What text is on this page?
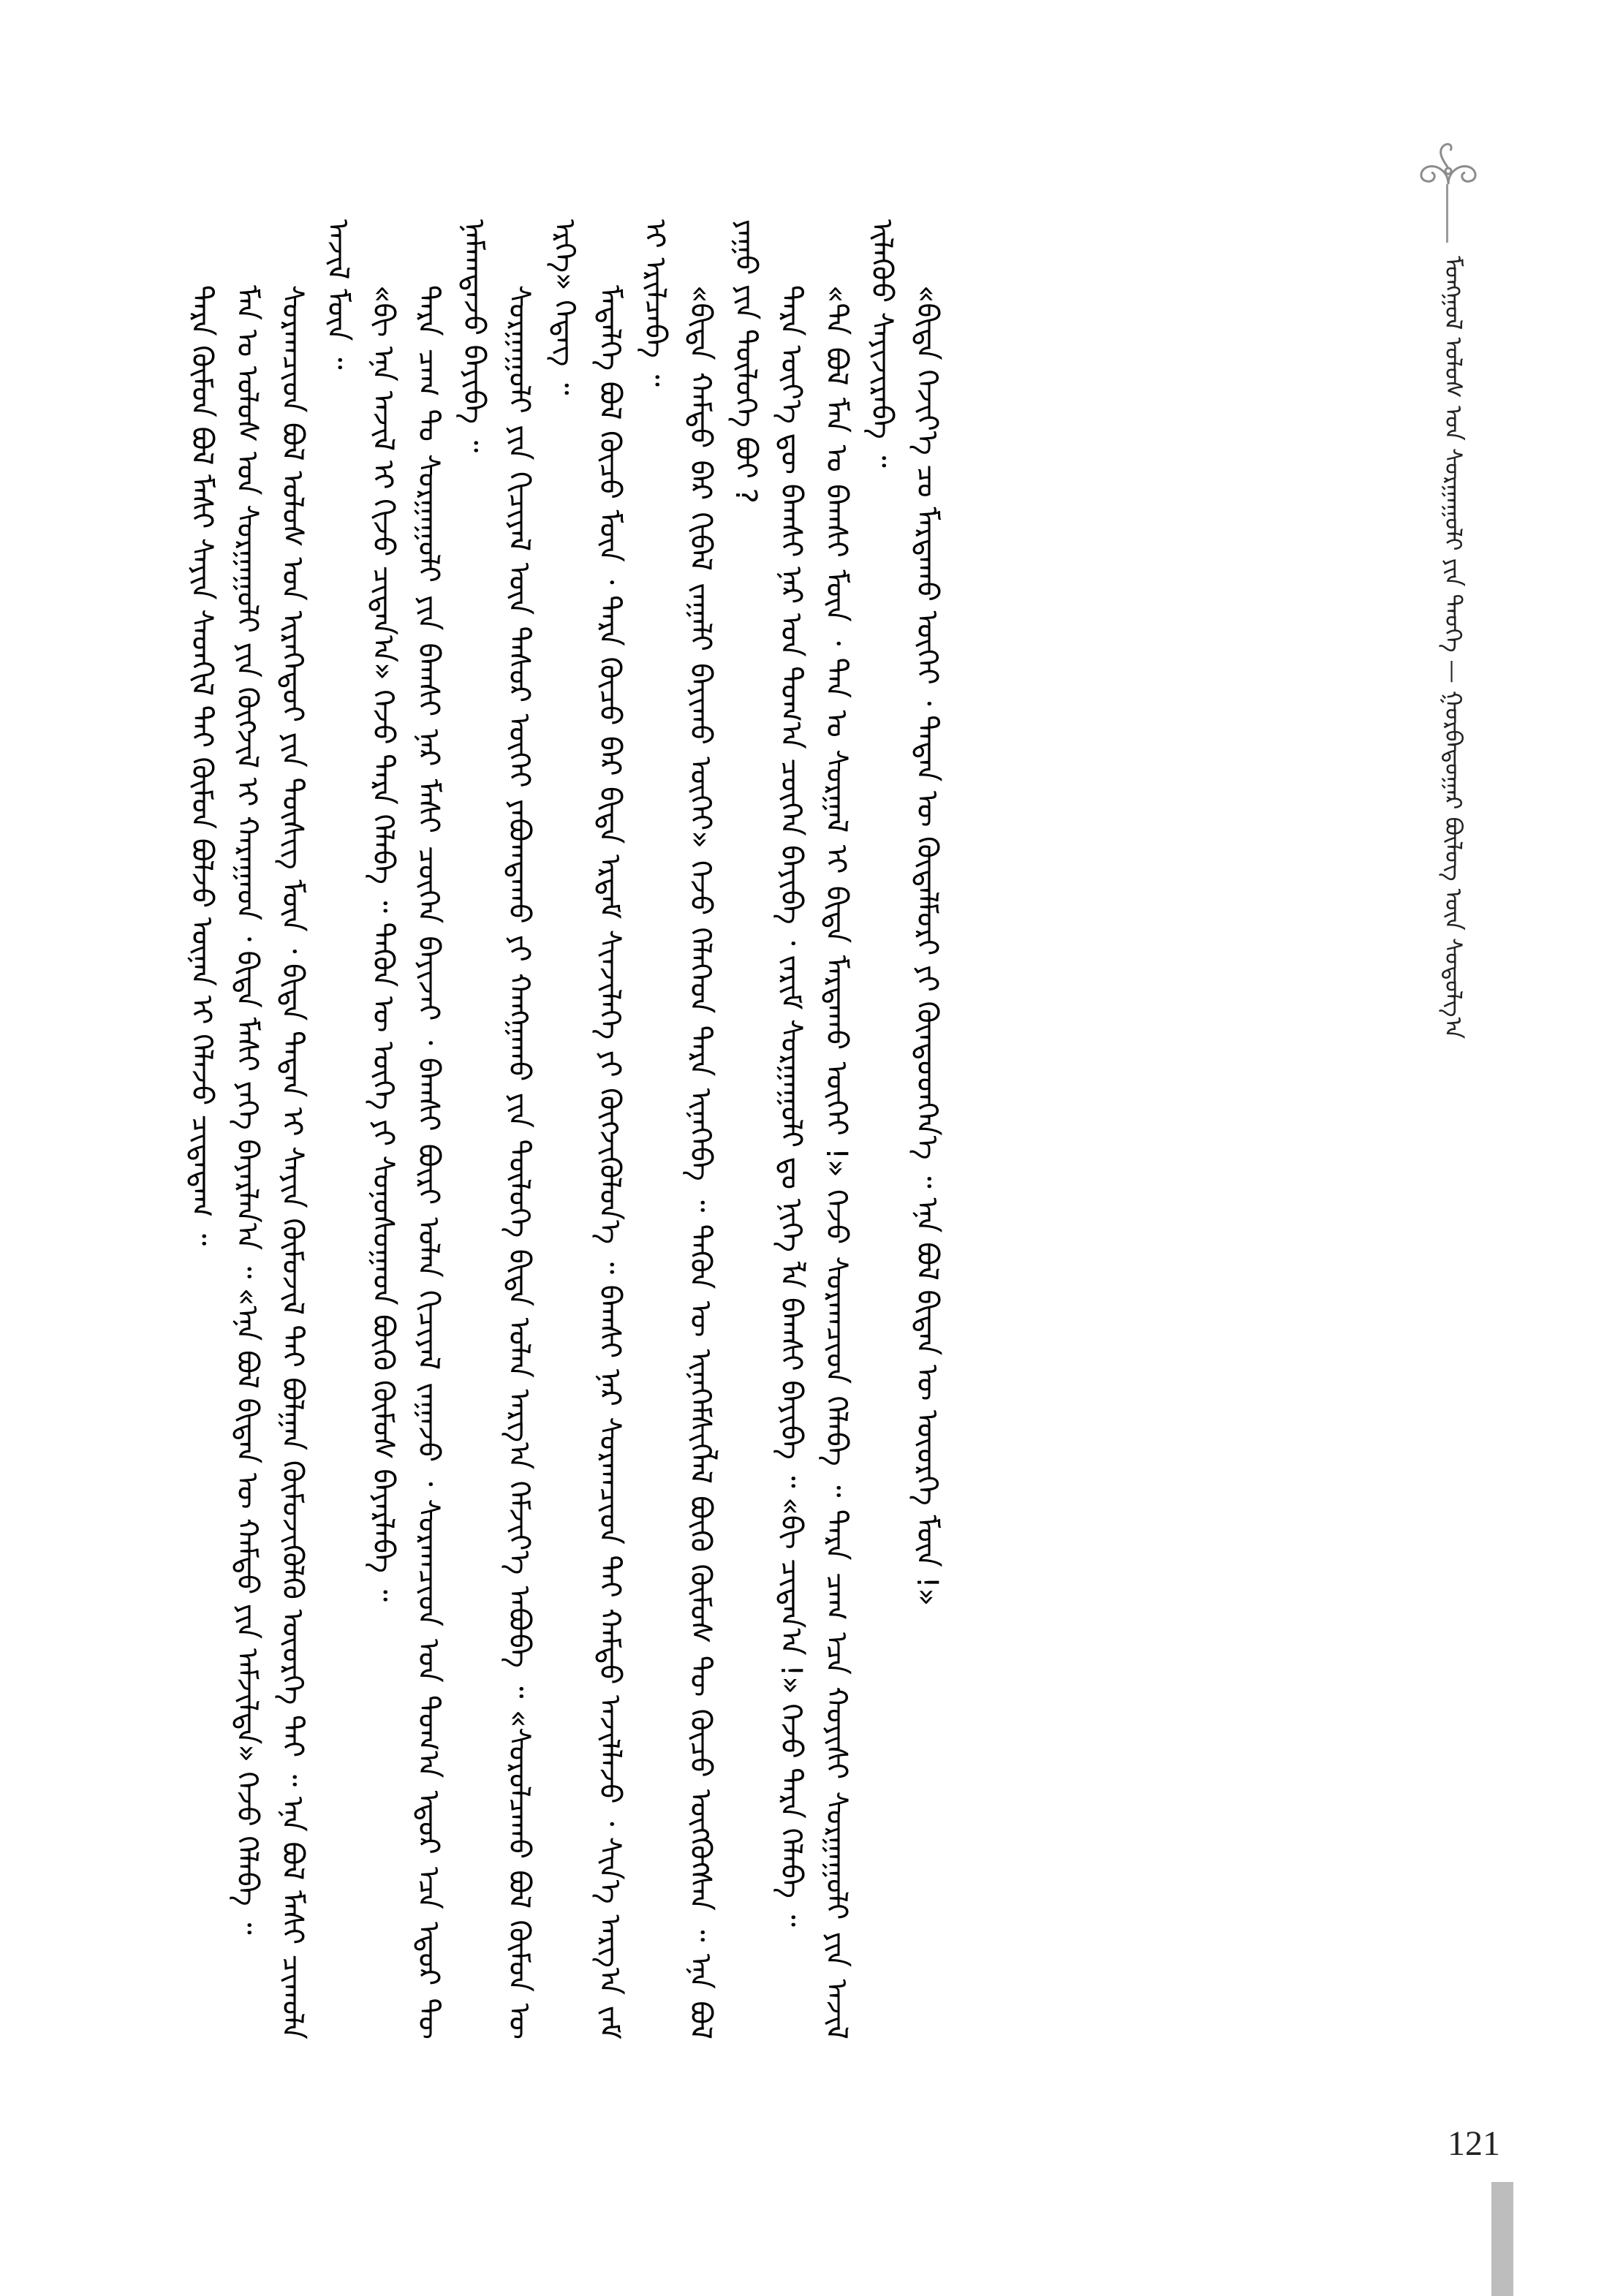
ᠮᠣᠩᠭᠣᠯ ᠤᠯᠤᠰ ᠤᠨ ᠰᠤᠷᠭᠠᠭᠤᠯᠢ ᠶᠢᠨ ᠲᠡᠦᠬᠡ — ᠭᠤᠷᠪᠠᠳᠤᠭᠠᠷ ᠪᠦᠯᠦᠭ ᠦᠨ ᠰᠤᠳᠤᠯᠭ᠎ᠠ

ᠲᠡᠷᠡ ᠬᠦᠮᠦᠨ ᠪᠣᠯ ᠮᠠᠰᠢ ᠰᠠᠶᠢᠨ ᠰᠡᠳᠬᠢᠯ ᠲᠡᠢ ᠬᠦᠮᠦᠨ ᠪᠣᠯᠵᠤ ᠦᠨᠡᠨ ᠢ ᠬᠡᠯᠡᠵᠦ ᠴᠢᠳᠠᠳᠠᠭ ᠃ ᠮᠠᠨ ᠤ ᠤᠯᠤᠰ ᠤᠨ ᠰᠤᠷᠭᠠᠭᠤᠯᠢ ᠶᠢᠨ ᠬᠥᠭᠵᠢᠯ ᠢ ᠬᠠᠷᠠᠭᠠᠳ ᠂ ᠪᠢᠳᠡ ᠮᠠᠰᠢ ᠶᠡᠬᠡ ᠪᠠᠶᠠᠷᠯᠠᠨ᠎ᠠ ᠃ «ᠡᠨᠡ ᠪᠣᠯ ᠪᠢᠳᠡᠨ ᠦ ᠬᠠᠮᠲᠤ ᠶᠢᠨ ᠠᠮᠵᠢᠯᠲᠠ» ᠭᠡᠵᠦ ᠬᠡᠯᠡᠪᠡ ᠃ ᠰᠤᠷᠠᠭᠴᠢᠳ ᠪᠣᠯ ᠤᠯᠤᠰ ᠤᠨ ᠢᠷᠡᠭᠡᠳᠦᠢ ᠶᠢᠨ ᠲᠦᠰᠢᠭ ᠮᠥᠨ ᠂ ᠪᠢᠳᠡ ᠲᠡᠳᠡᠨ ᠢ ᠰᠠᠶᠢᠨ ᠬᠦᠮᠦᠵᠢᠯ ᠲᠡᠢ ᠪᠣᠯᠭᠠᠨ ᠬᠥᠮᠦᠵᠢᠭᠦᠯᠬᠦ ᠦᠦᠷᠭᠡ ᠲᠡᠢ ᠃ ᠡᠨᠡ ᠪᠣᠯ ᠮᠠᠰᠢ ᠴᠢᠬᠤᠯᠠ ᠠᠵᠢᠯ ᠮᠥᠨ ᠃ «ᠪᠢ ᠡᠨᠡ ᠠᠵᠢᠯ ᠢ ᠬᠢᠵᠦ ᠴᠢᠳᠠᠨ᠎ᠠ» ᠭᠡᠵᠦ ᠲᠡᠷᠡ ᠬᠡᠯᠡᠪᠡ ᠃ ᠲᠡᠭᠦᠨ ᠦ ᠦᠭᠡ ᠶᠢ ᠰᠣᠨᠣᠰᠣᠭᠠᠳ ᠪᠦᠬᠦ ᠬᠦᠮᠦᠰ ᠪᠠᠶᠠᠷᠯᠠᠪᠠ ᠃ ᠲᠡᠷᠡ ᠴᠠᠭ ᠲᠤ ᠰᠤᠷᠭᠠᠭᠤᠯᠢ ᠶᠢᠨ ᠪᠠᠭᠰᠢ ᠨᠠᠷ ᠮᠠᠰᠢ ᠴᠥᠭᠡᠨ ᠪᠠᠶᠢᠵᠠᠢ ᠂ ᠪᠠᠭᠰᠢ ᠪᠦᠷᠢ ᠣᠯᠠᠨ ᠬᠢᠴᠢᠶᠡᠯ ᠵᠠᠭᠠᠵᠤ ᠂ ᠰᠤᠷᠠᠭᠴᠢᠳ ᠤᠨ ᠲᠣᠭ᠎ᠠ ᠡᠳᠦᠷ ᠡᠴᠡ ᠡᠳᠦᠷ ᠲᠦ ᠨᠡᠮᠡᠭ᠍ᠳᠡᠵᠦ ᠪᠠᠶᠢᠪᠠ ᠃ ᠰᠤᠷᠭᠠᠭᠤᠯᠢ ᠶᠢᠨ ᠬᠢᠴᠢᠶᠡᠯ ᠦᠨ ᠲᠠᠰᠤᠷ ᠦᠭᠡᠢ ᠶᠠᠪᠤᠭᠳᠠᠬᠤ ᠶᠢ ᠬᠠᠩᠭᠠᠬᠤ ᠶᠢᠨ ᠲᠥᠯᠥᠭᠡ ᠪᠢᠳᠡ ᠣᠯᠠᠨ ᠠᠷᠭ᠎ᠠ ᠬᠡᠮᠵᠢᠶ᠎ᠡ ᠠᠪᠤᠪᠠ ᠃ «ᠰᠤᠷᠤᠯᠴᠠᠬᠤ ᠪᠣᠯ ᠬᠦᠮᠦᠨ ᠦ ᠡᠷᠬᠡ» ᠭᠡᠳᠡᠭ ᠃ ᠮᠡᠳᠡᠯᠭᠡ ᠪᠣᠯ ᠬᠦᠴᠦ ᠮᠥᠨ ᠂ ᠲᠡᠷᠡ ᠬᠦᠴᠦ ᠪᠡᠷ ᠪᠢᠳᠡ ᠡᠷᠳᠡᠮ ᠰᠢᠨᠵᠢᠯᠡᠭᠡ ᠶᠢ ᠬᠥᠭᠵᠢᠭᠦᠯᠦᠨ᠎ᠡ ᠃ ᠪᠠᠭᠰᠢ ᠨᠠᠷ ᠰᠤᠷᠠᠭᠴᠢᠳ ᠲᠠᠢ ᠬᠠᠮᠲᠤ ᠠᠵᠢᠯᠯᠠᠵᠤ ᠂ ᠰᠢᠨ᠎ᠡ ᠠᠷᠭ᠎ᠠ ᠵᠠᠮ ᠢ ᠡᠷᠢᠯᠴᠡᠪᠡ ᠃ «ᠪᠢᠳᠡ ᠬᠠᠮᠲᠤ ᠪᠡᠷ ᠬᠢᠪᠡᠯ ᠵᠠᠭᠠᠯᠢ ᠪᠠᠶᠢᠬᠤ ᠦᠭᠡᠢ» ᠭᠡᠵᠦ ᠬᠡᠯᠡᠭᠡᠳ ᠲᠡᠷᠡ ᠢᠨᠡᠭᠡᠪᠡ ᠃ ᠲᠡᠭᠦᠨ ᠦ ᠢᠨᠡᠭᠡᠮᠰᠢᠭᠯᠡᠯ ᠪᠦᠬᠦ ᠬᠦᠮᠦᠰ ᠲᠦ ᠬᠦᠴᠦ ᠥᠭᠬᠦᠭᠰᠡᠨ ᠃ ᠡᠨᠡ ᠪᠣᠯ ᠶᠠᠭᠤ ᠶᠢᠨ ᠲᠥᠯᠥᠭᠡ ᠪᠤᠢ ? ᠲᠡᠷᠡ ᠦᠶ᠎ᠡ ᠳᠦ ᠪᠠᠭᠰᠢ ᠨᠠᠷ ᠤᠨ ᠲᠣᠭ᠎ᠠ ᠴᠥᠭᠡᠨ ᠪᠠᠶᠢᠪᠠ ᠂ ᠵᠠᠷᠢᠮ ᠰᠤᠷᠭᠠᠭᠤᠯᠢ ᠳᠤ ᠨᠢᠭᠡ ᠯᠡ ᠪᠠᠭᠰᠢ ᠪᠠᠶᠢᠪᠠ ᠃ «ᠪᠢ ᠴᠢᠳᠠᠨ᠎ᠠ !» ᠭᠡᠵᠦ ᠲᠡᠷᠡ ᠬᠡᠯᠡᠪᠡ ᠃ «ᠲᠠ ᠪᠣᠯ ᠮᠠᠨ ᠤ ᠪᠠᠭᠰᠢ ᠮᠥᠨ ᠂ ᠲᠠᠨ ᠤ ᠰᠤᠷᠭᠠᠯ ᠢ ᠪᠢᠳᠡ ᠮᠠᠷᠲᠠᠬᠤ ᠦᠭᠡᠢ !» ᠭᠡᠵᠦ ᠰᠤᠷᠠᠭᠴᠢᠳ ᠬᠡᠯᠡᠪᠡ ᠃ ᠲᠡᠷᠡ ᠴᠠᠭ ᠡᠴᠡ ᠬᠣᠶᠢᠰᠢ ᠰᠤᠷᠭᠠᠭᠤᠯᠢ ᠶᠢᠨ ᠠᠵᠢᠯ ᠢᠯᠡᠭᠦᠦ ᠰᠠᠶᠢᠵᠢᠷᠠᠪᠠ ᠃ «ᠪᠢᠳᠡ ᠬᠡᠵᠢᠶ᠎ᠡ ᠴᠤ ᠮᠠᠷᠲᠠᠬᠤ ᠦᠭᠡᠢ ᠂ ᠲᠡᠳᠡᠨ ᠦ ᠬᠥᠳᠡᠯᠮᠦᠷᠢ ᠶᠢ ᠬᠦᠨᠳᠦᠳᠬᠡᠨ᠎ᠡ ᠃ ᠡᠨᠡ ᠪᠣᠯ ᠪᠢᠳᠡᠨ ᠦ ᠦᠦᠷᠭᠡ ᠮᠥᠨ !»

121
